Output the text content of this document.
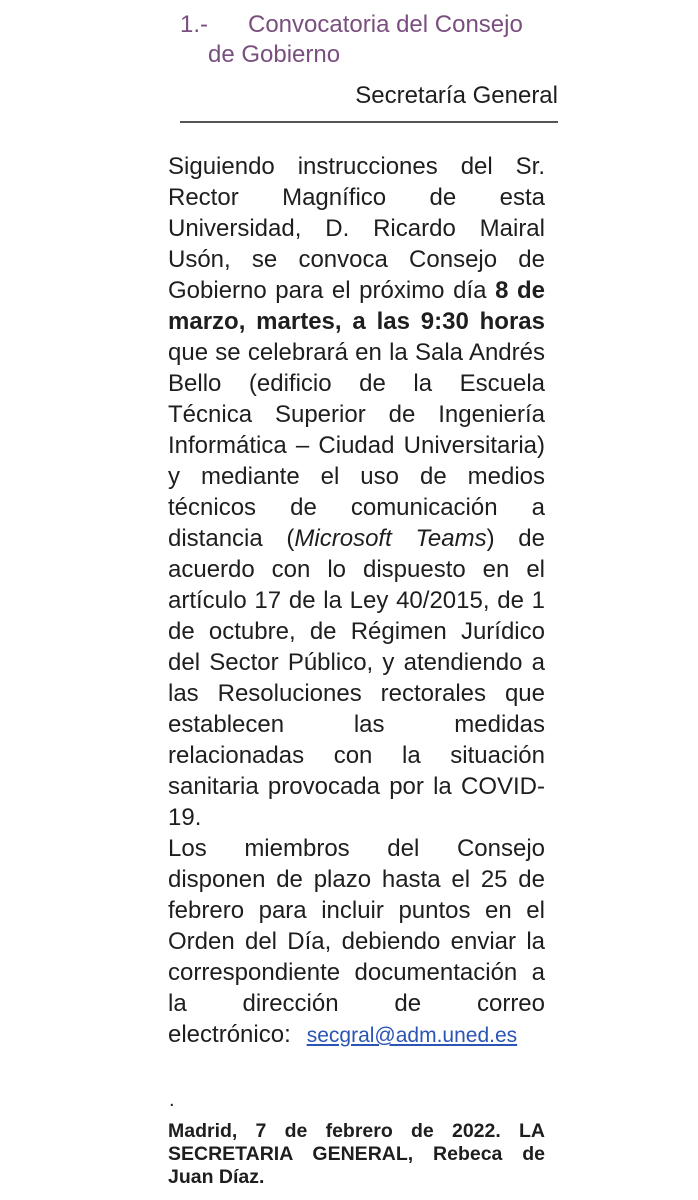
1.-	Convocatoria del Consejo
de Gobierno
Secretaría General

Siguiendo instrucciones del Sr. Rector Magnífico de esta Universidad, D. Ricardo Mairal Usón, se convoca Consejo de Gobierno para el próximo día 8 de marzo, martes, a las 9:30 horas que se celebrará en la Sala Andrés Bello (edificio de la Escuela Técnica Superior de Ingeniería Informática – Ciudad Universitaria) y mediante el uso de medios técnicos de comunicación a distancia (Microsoft Teams) de acuerdo con lo dispuesto en el artículo 17 de la Ley 40/2015, de 1 de octubre, de Régimen Jurídico del Sector Público, y atendiendo a las Resoluciones rectorales que establecen las medidas relacionadas con la situación sanitaria provocada por la COVID-19.

Los miembros del Consejo disponen de plazo hasta el 25 de febrero para incluir puntos en el Orden del Día, debiendo enviar la correspondiente documentación a la dirección de correo electrónico: secgral@adm.uned.es

.
Madrid, 7 de febrero de 2022. LA SECRETARIA GENERAL, Rebeca de Juan Díaz.
